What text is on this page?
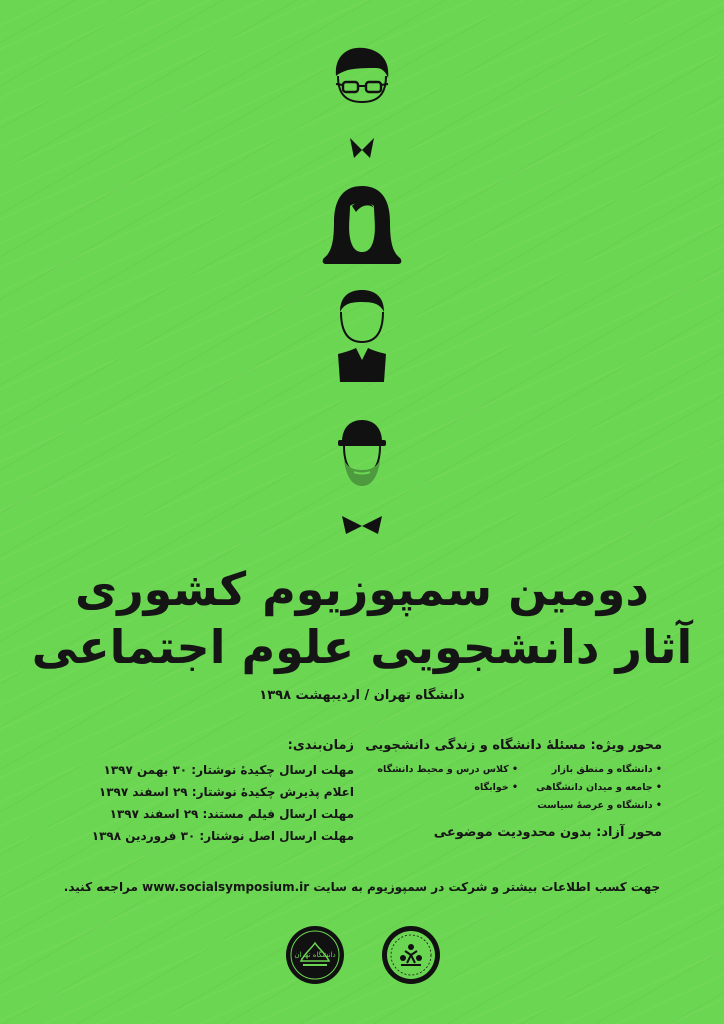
دومین سمپوزیوم کشوری
آثار دانشجویی علوم اجتماعی
دانشگاه تهران / اردیبهشت ۱۳۹۸
زمان‌بندی:
مهلت ارسال چکیدهٔ نوشتار: ۳۰ بهمن ۱۳۹۷
اعلام پذیرش چکیدهٔ نوشتار: ۲۹ اسفند ۱۳۹۷
مهلت ارسال فیلم مستند: ۲۹ اسفند ۱۳۹۷
مهلت ارسال اصل نوشتار: ۳۰ فروردین ۱۳۹۸
محور ویژه: مسئلهٔ دانشگاه و زندگی دانشجویی
• دانشگاه و منطق بازار
• جامعه و میدان دانشگاهی
• دانشگاه و عرصهٔ سیاست
• کلاس درس و محیط دانشگاه
• خوابگاه
محور آزاد: بدون محدودیت موضوعی
جهت کسب اطلاعات بیشتر و شرکت در سمپوزیوم به سایت www.socialsymposium.ir مراجعه کنید.
دانشگاه تهران
